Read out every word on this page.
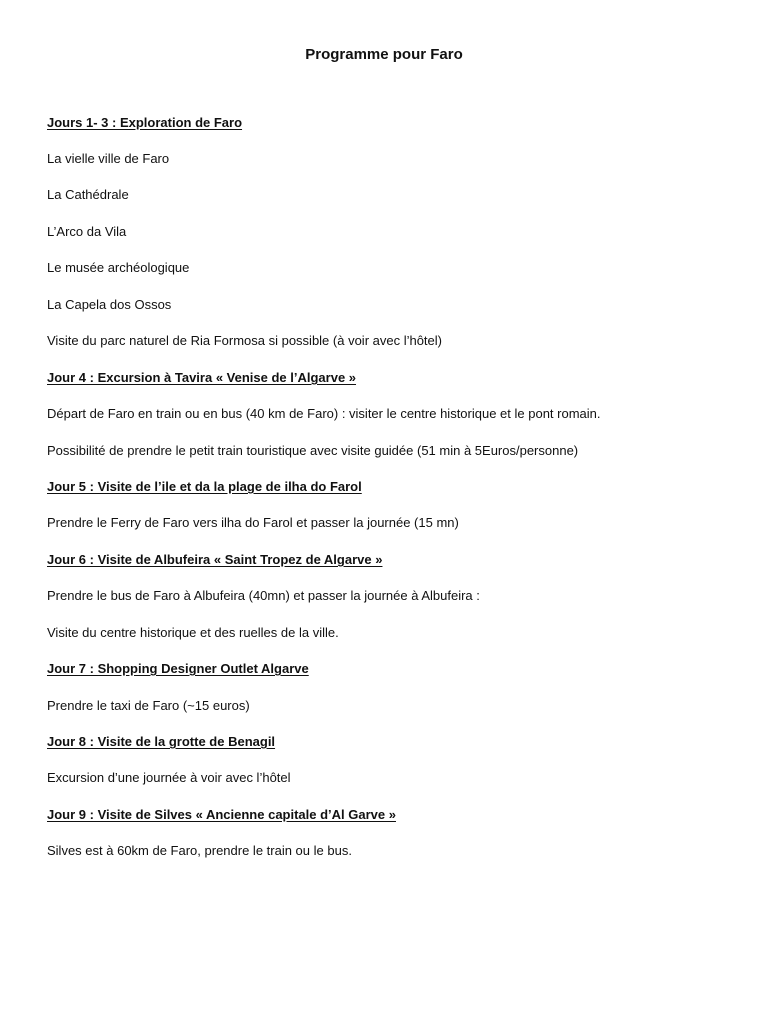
Programme pour Faro
Jours 1- 3 : Exploration de Faro
La vielle ville de Faro
La Cathédrale
L’Arco da Vila
Le musée archéologique
La Capela dos Ossos
Visite du parc naturel de Ria Formosa si possible (à voir avec l’hôtel)
Jour 4 : Excursion à Tavira « Venise de l’Algarve »
Départ de Faro en train ou en bus (40 km de Faro) : visiter le centre historique et le pont romain.
Possibilité de prendre le petit train touristique avec visite guidée (51 min à 5Euros/personne)
Jour 5 : Visite de l’ile et da la plage de ilha do Farol
Prendre le Ferry de Faro vers ilha do Farol et passer la journée (15 mn)
Jour 6 : Visite de Albufeira « Saint Tropez de Algarve »
Prendre le bus de Faro à Albufeira (40mn) et passer la journée à Albufeira :
Visite du centre historique et des ruelles de la ville.
Jour 7 : Shopping Designer Outlet Algarve
Prendre le taxi de Faro (~15 euros)
Jour 8 : Visite de la grotte de Benagil
Excursion d’une journée à voir avec l’hôtel
Jour 9 : Visite de Silves « Ancienne capitale d’Al Garve »
Silves est à 60km de Faro, prendre le train ou le bus.
